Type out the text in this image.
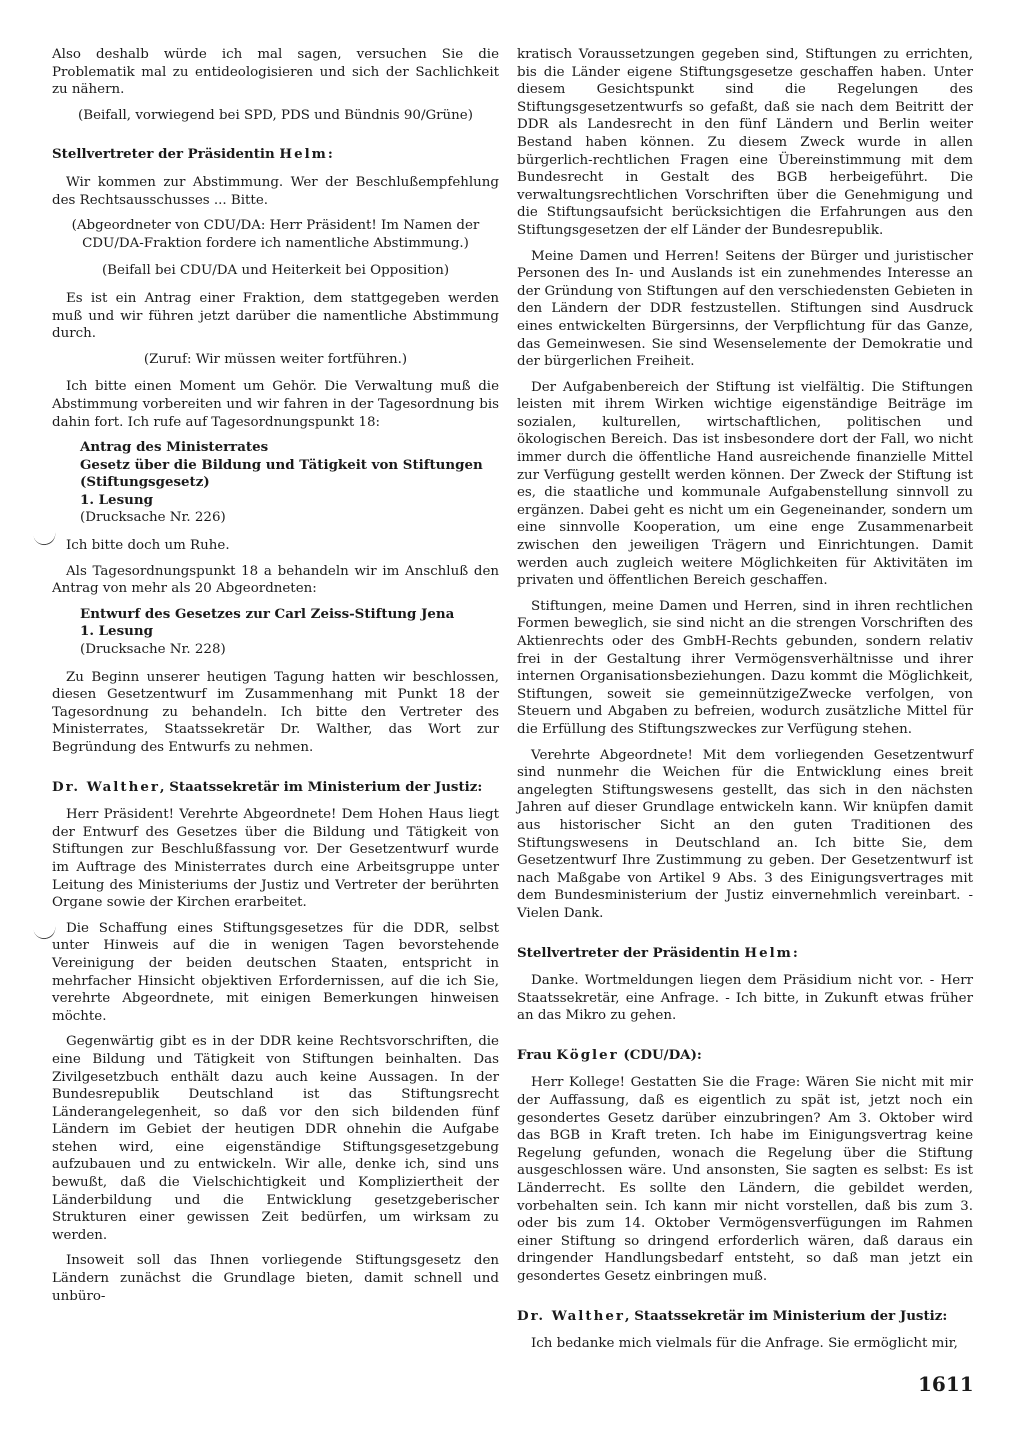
Also deshalb würde ich mal sagen, versuchen Sie die Problematik mal zu entideologisieren und sich der Sachlichkeit zu nähern.

(Beifall, vorwiegend bei SPD, PDS und Bündnis 90/Grüne)
Stellvertreter der Präsidentin Helm:

Wir kommen zur Abstimmung. Wer der Beschlußempfehlung des Rechtsausschusses ... Bitte.

(Abgeordneter von CDU/DA: Herr Präsident! Im Namen der CDU/DA-Fraktion fordere ich namentliche Abstimmung.)
(Beifall bei CDU/DA und Heiterkeit bei Opposition)

Es ist ein Antrag einer Fraktion, dem stattgegeben werden muß und wir führen jetzt darüber die namentliche Abstimmung durch.

(Zuruf: Wir müssen weiter fortführen.)

Ich bitte einen Moment um Gehör. Die Verwaltung muß die Abstimmung vorbereiten und wir fahren in der Tagesordnung bis dahin fort. Ich rufe auf Tagesordnungspunkt 18:

Antrag des Ministerrates
Gesetz über die Bildung und Tätigkeit von Stiftungen
(Stiftungsgesetz)
1. Lesung
(Drucksache Nr. 226)

Ich bitte doch um Ruhe.

Als Tagesordnungspunkt 18 a behandeln wir im Anschluß den Antrag von mehr als 20 Abgeordneten:

Entwurf des Gesetzes zur Carl Zeiss-Stiftung Jena
1. Lesung
(Drucksache Nr. 228)

Zu Beginn unserer heutigen Tagung hatten wir beschlossen, diesen Gesetzentwurf im Zusammenhang mit Punkt 18 der Tagesordnung zu behandeln. Ich bitte den Vertreter des Ministerrates, Staatssekretär Dr. Walther, das Wort zur Begründung des Entwurfs zu nehmen.

Dr. Walther, Staatssekretär im Ministerium der Justiz:

Herr Präsident! Verehrte Abgeordnete! Dem Hohen Haus liegt der Entwurf des Gesetzes über die Bildung und Tätigkeit von Stiftungen zur Beschlußfassung vor. Der Gesetzentwurf wurde im Auftrage des Ministerrates durch eine Arbeitsgruppe unter Leitung des Ministeriums der Justiz und Vertreter der berührten Organe sowie der Kirchen erarbeitet.

Die Schaffung eines Stiftungsgesetzes für die DDR, selbst unter Hinweis auf die in wenigen Tagen bevorstehende Vereinigung der beiden deutschen Staaten, entspricht in mehrfacher Hinsicht objektiven Erfordernissen, auf die ich Sie, verehrte Abgeordnete, mit einigen Bemerkungen hinweisen möchte.

Gegenwärtig gibt es in der DDR keine Rechtsvorschriften, die eine Bildung und Tätigkeit von Stiftungen beinhalten. Das Zivilgesetzbuch enthält dazu auch keine Aussagen. In der Bundesrepublik Deutschland ist das Stiftungsrecht Länderangelegenheit, so daß vor den sich bildenden fünf Ländern im Gebiet der heutigen DDR ohnehin die Aufgabe stehen wird, eine eigenständige Stiftungsgesetzgebung aufzubauen und zu entwickeln. Wir alle, denke ich, sind uns bewußt, daß die Vielschichtigkeit und Kompliziertheit der Länderbildung und die Entwicklung gesetzgeberischer Strukturen einer gewissen Zeit bedürfen, um wirksam zu werden.

Insoweit soll das Ihnen vorliegende Stiftungsgesetz den Ländern zunächst die Grundlage bieten, damit schnell und unbüro-

kratisch Voraussetzungen gegeben sind, Stiftungen zu errichten, bis die Länder eigene Stiftungsgesetze geschaffen haben. Unter diesem Gesichtspunkt sind die Regelungen des Stiftungsgesetzentwurfs so gefaßt, daß sie nach dem Beitritt der DDR als Landesrecht in den fünf Ländern und Berlin weiter Bestand haben können. Zu diesem Zweck wurde in allen bürgerlich-rechtlichen Fragen eine Übereinstimmung mit dem Bundesrecht in Gestalt des BGB herbeigeführt. Die verwaltungsrechtlichen Vorschriften über die Genehmigung und die Stiftungsaufsicht berücksichtigen die Erfahrungen aus den Stiftungsgesetzen der elf Länder der Bundesrepublik.

Meine Damen und Herren! Seitens der Bürger und juristischer Personen des In- und Auslands ist ein zunehmendes Interesse an der Gründung von Stiftungen auf den verschiedensten Gebieten in den Ländern der DDR festzustellen. Stiftungen sind Ausdruck eines entwickelten Bürgersinns, der Verpflichtung für das Ganze, das Gemeinwesen. Sie sind Wesenselemente der Demokratie und der bürgerlichen Freiheit.

Der Aufgabenbereich der Stiftung ist vielfältig. Die Stiftungen leisten mit ihrem Wirken wichtige eigenständige Beiträge im sozialen, kulturellen, wirtschaftlichen, politischen und ökologischen Bereich. Das ist insbesondere dort der Fall, wo nicht immer durch die öffentliche Hand ausreichende finanzielle Mittel zur Verfügung gestellt werden können. Der Zweck der Stiftung ist es, die staatliche und kommunale Aufgabenstellung sinnvoll zu ergänzen. Dabei geht es nicht um ein Gegeneinander, sondern um eine sinnvolle Kooperation, um eine enge Zusammenarbeit zwischen den jeweiligen Trägern und Einrichtungen. Damit werden auch zugleich weitere Möglichkeiten für Aktivitäten im privaten und öffentlichen Bereich geschaffen.

Stiftungen, meine Damen und Herren, sind in ihren rechtlichen Formen beweglich, sie sind nicht an die strengen Vorschriften des Aktienrechts oder des GmbH-Rechts gebunden, sondern relativ frei in der Gestaltung ihrer Vermögensverhältnisse und ihrer internen Organisationsbeziehungen. Dazu kommt die Möglichkeit, Stiftungen, soweit sie gemeinnützigeZwecke verfolgen, von Steuern und Abgaben zu befreien, wodurch zusätzliche Mittel für die Erfüllung des Stiftungszweckes zur Verfügung stehen.

Verehrte Abgeordnete! Mit dem vorliegenden Gesetzentwurf sind nunmehr die Weichen für die Entwicklung eines breit angelegten Stiftungswesens gestellt, das sich in den nächsten Jahren auf dieser Grundlage entwickeln kann. Wir knüpfen damit aus historischer Sicht an den guten Traditionen des Stiftungswesens in Deutschland an. Ich bitte Sie, dem Gesetzentwurf Ihre Zustimmung zu geben. Der Gesetzentwurf ist nach Maßgabe von Artikel 9 Abs. 3 des Einigungsvertrages mit dem Bundesministerium der Justiz einvernehmlich vereinbart. - Vielen Dank.

Stellvertreter der Präsidentin Helm:

Danke. Wortmeldungen liegen dem Präsidium nicht vor. - Herr Staatssekretär, eine Anfrage. - Ich bitte, in Zukunft etwas früher an das Mikro zu gehen.

Frau Kögler (CDU/DA):

Herr Kollege! Gestatten Sie die Frage: Wären Sie nicht mit mir der Auffassung, daß es eigentlich zu spät ist, jetzt noch ein gesondertes Gesetz darüber einzubringen? Am 3. Oktober wird das BGB in Kraft treten. Ich habe im Einigungsvertrag keine Regelung gefunden, wonach die Regelung über die Stiftung ausgeschlossen wäre. Und ansonsten, Sie sagten es selbst: Es ist Länderrecht. Es sollte den Ländern, die gebildet werden, vorbehalten sein. Ich kann mir nicht vorstellen, daß bis zum 3. oder bis zum 14. Oktober Vermögensverfügungen im Rahmen einer Stiftung so dringend erforderlich wären, daß daraus ein dringender Handlungsbedarf entsteht, so daß man jetzt ein gesondertes Gesetz einbringen muß.

Dr. Walther, Staatssekretär im Ministerium der Justiz:

Ich bedanke mich vielmals für die Anfrage. Sie ermöglicht mir,

1611
